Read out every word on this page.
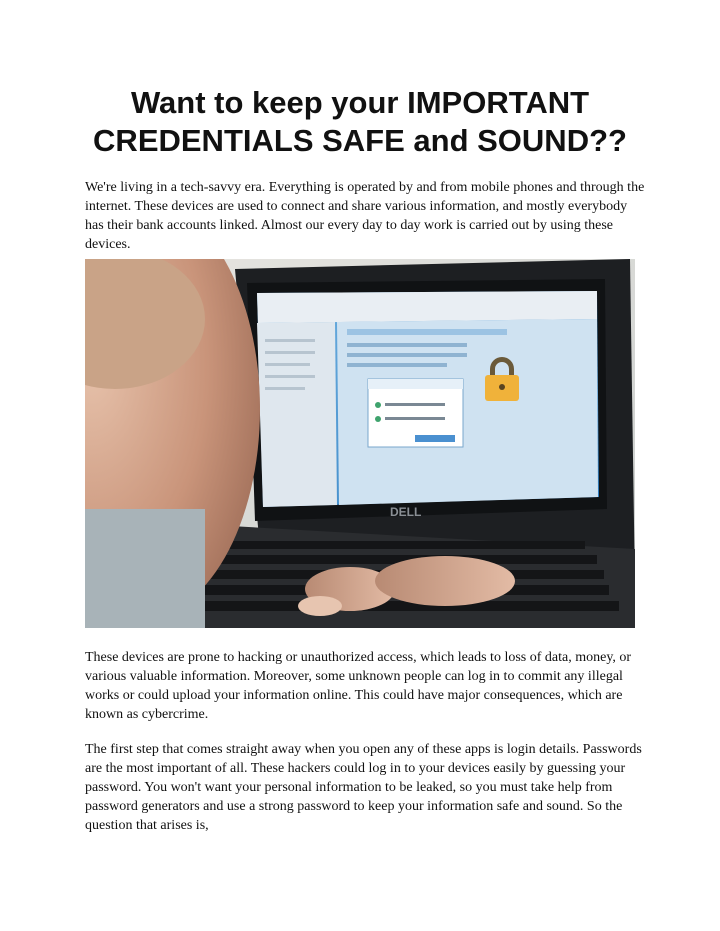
Want to keep your IMPORTANT
CREDENTIALS SAFE and SOUND??

We're living in a tech-savvy era. Everything is operated by and from mobile phones and through the internet. These devices are used to connect and share various information, and mostly everybody has their bank accounts linked. Almost our every day to day work is carried out by using these devices.

DELL

These devices are prone to hacking or unauthorized access, which leads to loss of data, money, or various valuable information. Moreover, some unknown people can log in to commit any illegal works or could upload your information online. This could have major consequences, which are known as cybercrime.

The first step that comes straight away when you open any of these apps is login details. Passwords are the most important of all. These hackers could log in to your devices easily by guessing your password. You won't want your personal information to be leaked, so you must take help from password generators and use a strong password to keep your information safe and sound. So the question that arises is,
